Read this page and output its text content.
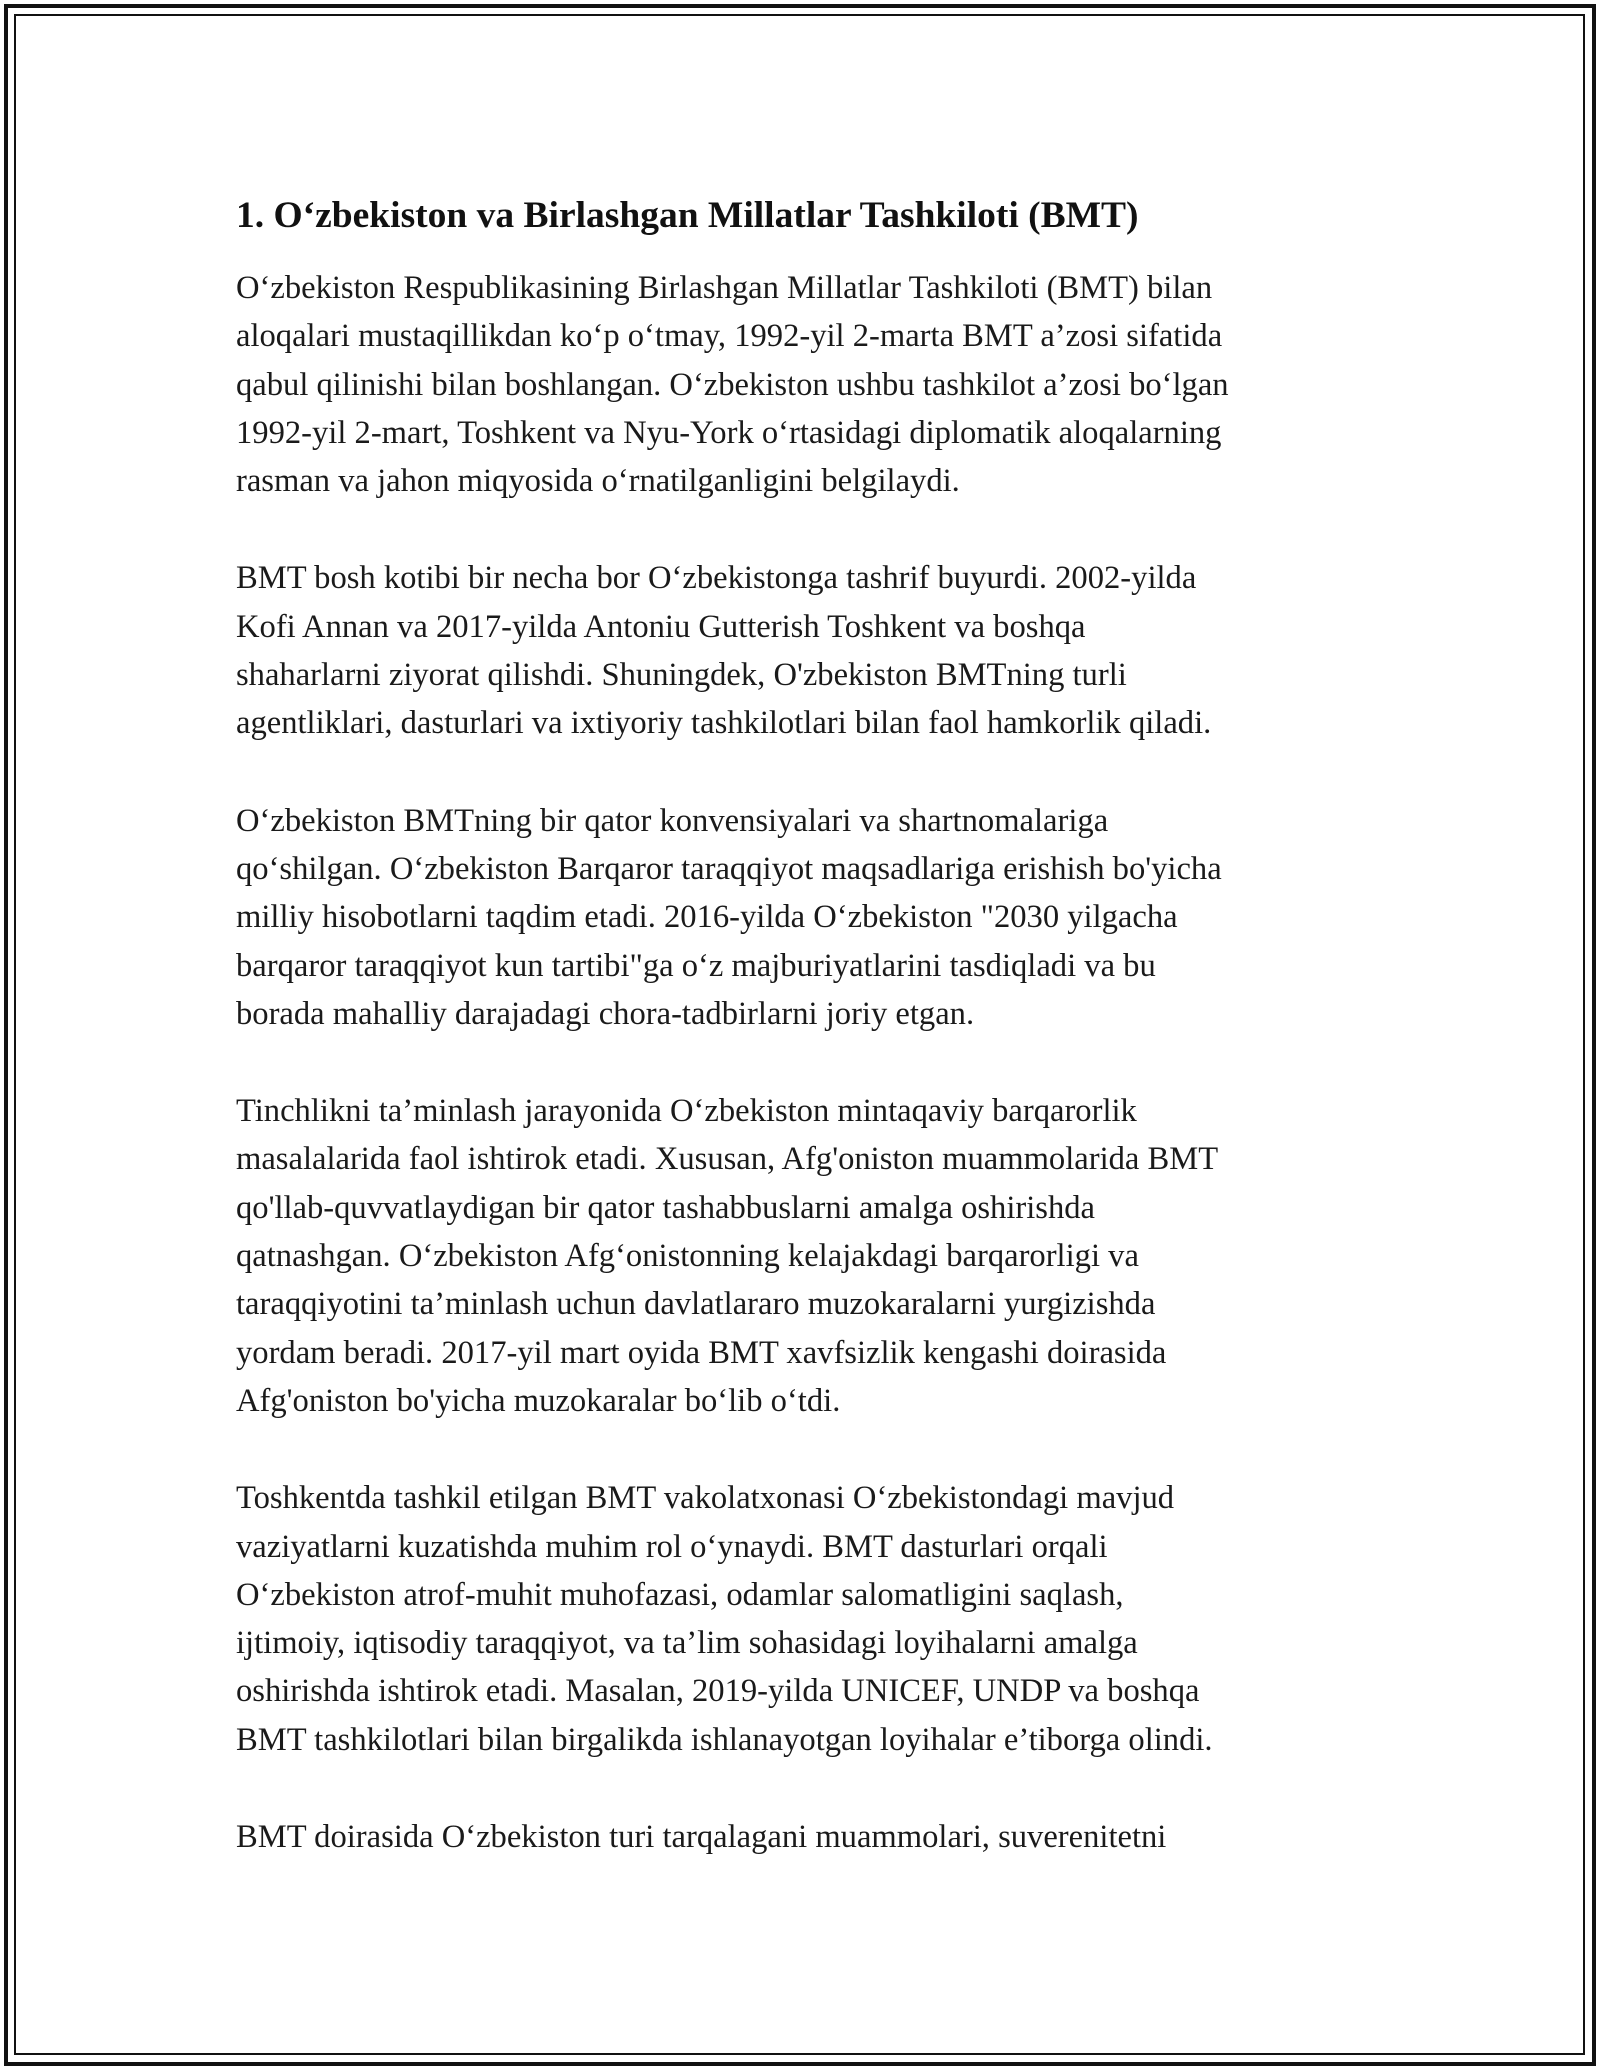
1. O‘zbekiston va Birlashgan Millatlar Tashkiloti (BMT)

O‘zbekiston Respublikasining Birlashgan Millatlar Tashkiloti (BMT) bilan
aloqalari mustaqillikdan ko‘p o‘tmay, 1992-yil 2-marta BMT a’zosi sifatida
qabul qilinishi bilan boshlangan. O‘zbekiston ushbu tashkilot a’zosi bo‘lgan
1992-yil 2-mart, Toshkent va Nyu-York o‘rtasidagi diplomatik aloqalarning
rasman va jahon miqyosida o‘rnatilganligini belgilaydi.

BMT bosh kotibi bir necha bor O‘zbekistonga tashrif buyurdi. 2002-yilda
Kofi Annan va 2017-yilda Antoniu Gutterish Toshkent va boshqa
shaharlarni ziyorat qilishdi. Shuningdek, O'zbekiston BMTning turli
agentliklari, dasturlari va ixtiyoriy tashkilotlari bilan faol hamkorlik qiladi.

O‘zbekiston BMTning bir qator konvensiyalari va shartnomalariga
qo‘shilgan. O‘zbekiston Barqaror taraqqiyot maqsadlariga erishish bo'yicha
milliy hisobotlarni taqdim etadi. 2016-yilda O‘zbekiston "2030 yilgacha
barqaror taraqqiyot kun tartibi"ga o‘z majburiyatlarini tasdiqladi va bu
borada mahalliy darajadagi chora-tadbirlarni joriy etgan.

Tinchlikni ta’minlash jarayonida O‘zbekiston mintaqaviy barqarorlik
masalalarida faol ishtirok etadi. Xususan, Afg'oniston muammolarida BMT
qo'llab-quvvatlaydigan bir qator tashabbuslarni amalga oshirishda
qatnashgan. O‘zbekiston Afg‘onistonning kelajakdagi barqarorligi va
taraqqiyotini ta’minlash uchun davlatlararo muzokaralarni yurgizishda
yordam beradi. 2017-yil mart oyida BMT xavfsizlik kengashi doirasida
Afg'oniston bo'yicha muzokaralar bo‘lib o‘tdi.

Toshkentda tashkil etilgan BMT vakolatxonasi O‘zbekistondagi mavjud
vaziyatlarni kuzatishda muhim rol o‘ynaydi. BMT dasturlari orqali
O‘zbekiston atrof-muhit muhofazasi, odamlar salomatligini saqlash,
ijtimoiy, iqtisodiy taraqqiyot, va ta’lim sohasidagi loyihalarni amalga
oshirishda ishtirok etadi. Masalan, 2019-yilda UNICEF, UNDP va boshqa
BMT tashkilotlari bilan birgalikda ishlanayotgan loyihalar e’tiborga olindi.

BMT doirasida O‘zbekiston turi tarqalagani muammolari, suverenitetni
